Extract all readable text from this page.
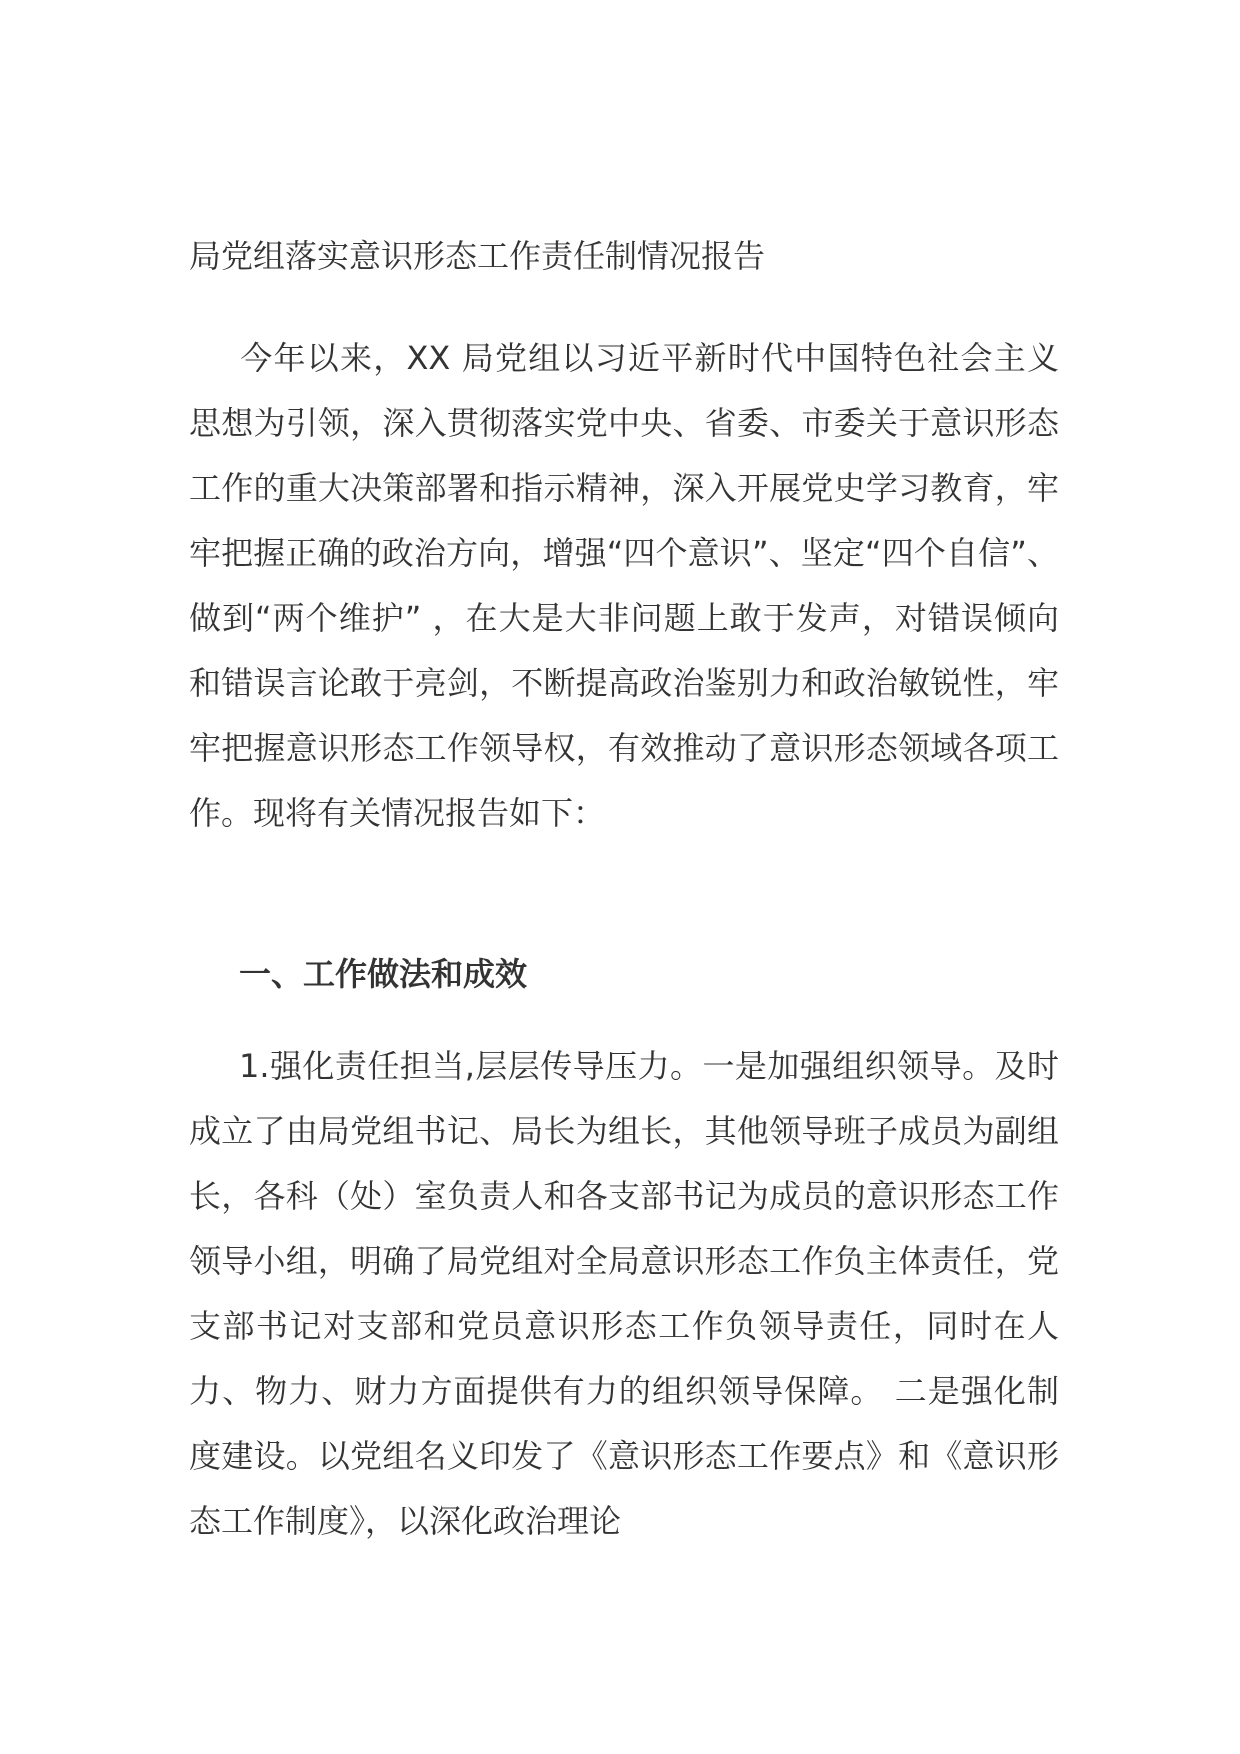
局党组落实意识形态工作责任制情况报告

今年以来，XX 局党组以习近平新时代中国特色社会主义思想为引领，深入贯彻落实党中央、省委、市委关于意识形态工作的重大决策部署和指示精神，深入开展党史学习教育，牢牢把握正确的政治方向，增强“四个意识”、坚定“四个自信”、做到“两个维护” ，在大是大非问题上敢于发声，对错误倾向和错误言论敢于亮剑，不断提高政治鉴别力和政治敏锐性，牢牢把握意识形态工作领导权，有效推动了意识形态领域各项工作。现将有关情况报告如下：

一、工作做法和成效

1.强化责任担当,层层传导压力。一是加强组织领导。及时成立了由局党组书记、局长为组长，其他领导班子成员为副组长，各科（处）室负责人和各支部书记为成员的意识形态工作领导小组，明确了局党组对全局意识形态工作负主体责任，党支部书记对支部和党员意识形态工作负领导责任，同时在人力、物力、财力方面提供有力的组织领导保障。 二是强化制度建设。以党组名义印发了《意识形态工作要点》和《意识形态工作制度》，以深化政治理论
